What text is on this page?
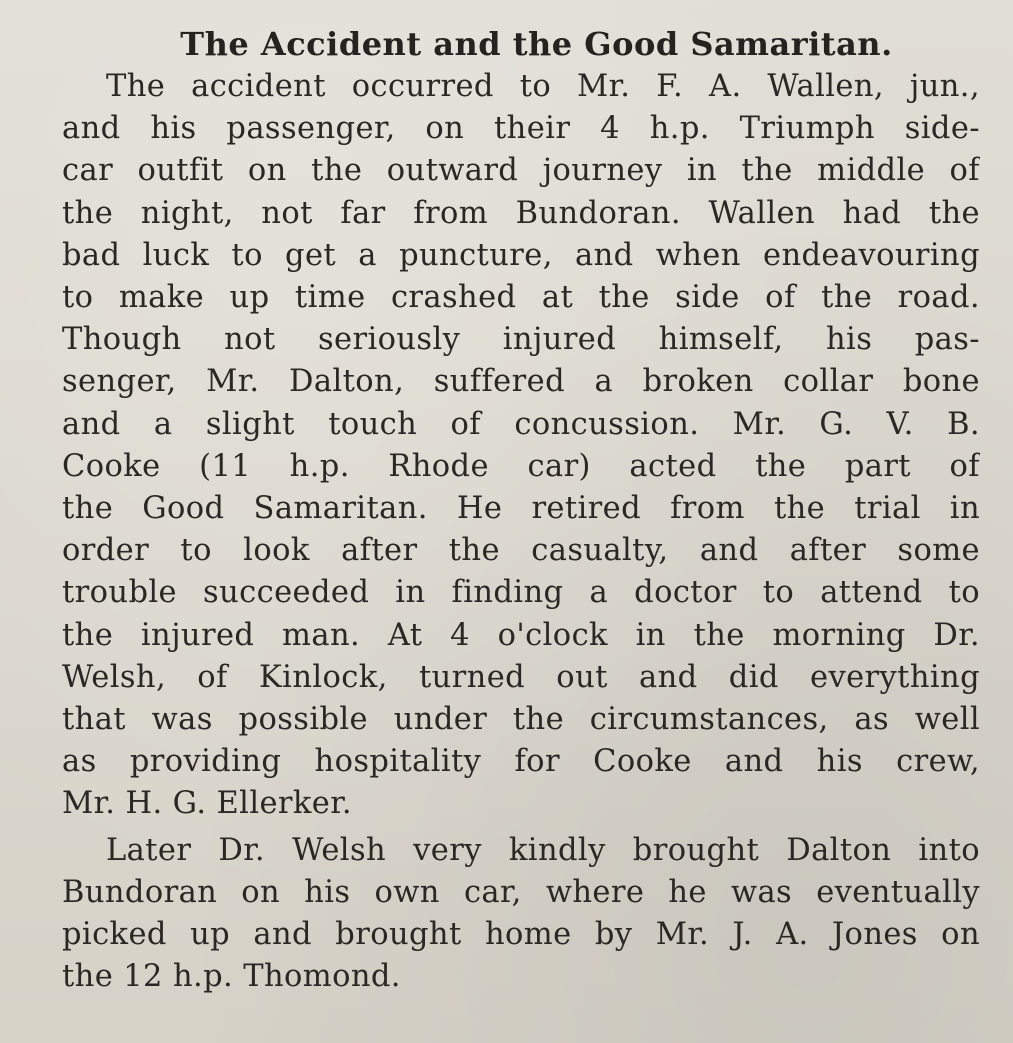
The Accident and the Good Samaritan.
The accident occurred to Mr. F. A. Wallen, jun.,
and his passenger, on their 4 h.p. Triumph side-
car outfit on the outward journey in the middle of
the night, not far from Bundoran. Wallen had the
bad luck to get a puncture, and when endeavouring
to make up time crashed at the side of the road.
Though not seriously injured himself, his pas-
senger, Mr. Dalton, suffered a broken collar bone
and a slight touch of concussion. Mr. G. V. B.
Cooke (11 h.p. Rhode car) acted the part of
the Good Samaritan. He retired from the trial in
order to look after the casualty, and after some
trouble succeeded in finding a doctor to attend to
the injured man. At 4 o'clock in the morning Dr.
Welsh, of Kinlock, turned out and did everything
that was possible under the circumstances, as well
as providing hospitality for Cooke and his crew,
Mr. H. G. Ellerker.
Later Dr. Welsh very kindly brought Dalton into
Bundoran on his own car, where he was eventually
picked up and brought home by Mr. J. A. Jones on
the 12 h.p. Thomond.
